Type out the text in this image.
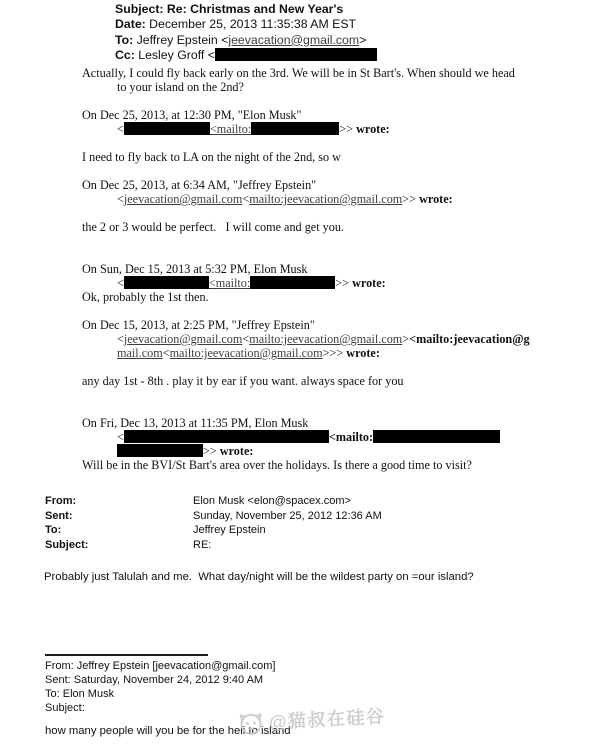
Subject: Re: Christmas and New Year's
Date: December 25, 2013 11:35:38 AM EST
To: Jeffrey Epstein <jeevacation@gmail.com>
Cc: Lesley Groff <
Actually, I could fly back early on the 3rd. We will be in St Bart's. When should we head
to your island on the 2nd?
On Dec 25, 2013, at 12:30 PM, "Elon Musk"
<	<mailto:	>> wrote:
I need to fly back to LA on the night of the 2nd, so w
On Dec 25, 2013, at 6:34 AM, "Jeffrey Epstein"
<jeevacation@gmail.com<mailto:jeevacation@gmail.com>> wrote:
the 2 or 3 would be perfect.   I will come and get you.
On Sun, Dec 15, 2013 at 5:32 PM, Elon Musk
<	<mailto:	>> wrote:
Ok, probably the 1st then.
On Dec 15, 2013, at 2:25 PM, "Jeffrey Epstein"
<jeevacation@gmail.com<mailto:jeevacation@gmail.com><mailto:jeevacation@g
mail.com<mailto:jeevacation@gmail.com>>> wrote:
any day 1st - 8th . play it by ear if you want. always space for you
On Fri, Dec 13, 2013 at 11:35 PM, Elon Musk
<	<mailto:
>> wrote:
Will be in the BVI/St Bart's area over the holidays. Is there a good time to visit?
From:	Elon Musk <elon@spacex.com>
Sent:	Sunday, November 25, 2012 12:36 AM
To:	Jeffrey Epstein
Subject:	RE:
Probably just Talulah and me.  What day/night will be the wildest party on =our island?
From: Jeffrey Epstein [jeevacation@gmail.com]
Sent: Saturday, November 24, 2012 9:40 AM
To: Elon Musk
Subject:
how many people will you be for the heli to island
@猫叔在硅谷
